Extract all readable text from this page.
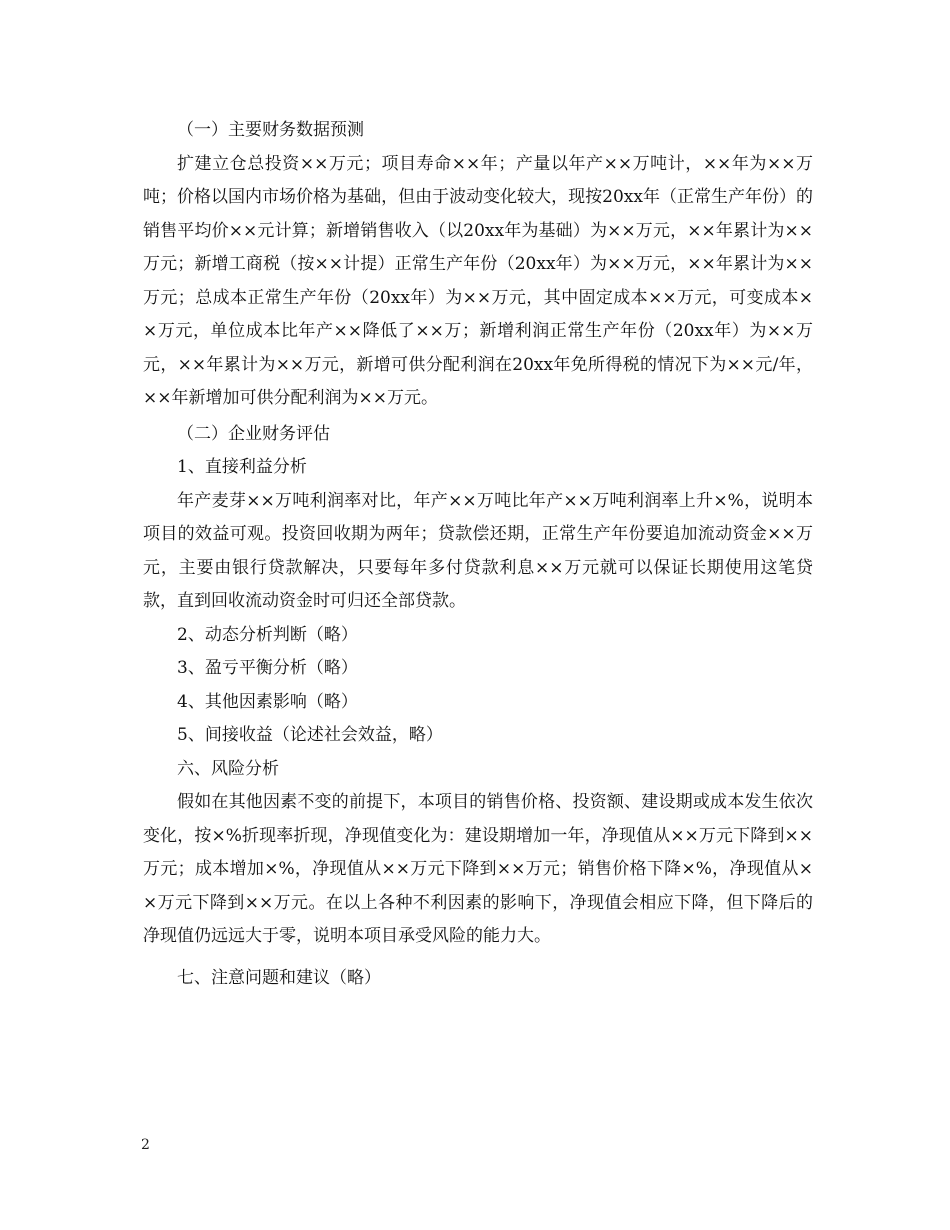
（一）主要财务数据预测

扩建立仓总投资××万元；项目寿命××年；产量以年产××万吨计，××年为××万吨；价格以国内市场价格为基础，但由于波动变化较大，现按20xx年（正常生产年份）的销售平均价××元计算；新增销售收入（以20xx年为基础）为××万元，××年累计为××万元；新增工商税（按××计提）正常生产年份（20xx年）为××万元，××年累计为××万元；总成本正常生产年份（20xx年）为××万元，其中固定成本××万元，可变成本××万元，单位成本比年产××降低了××万；新增利润正常生产年份（20xx年）为××万元，××年累计为××万元，新增可供分配利润在20xx年免所得税的情况下为××元/年，××年新增加可供分配利润为××万元。

（二）企业财务评估

1、直接利益分析

年产麦芽××万吨利润率对比，年产××万吨比年产××万吨利润率上升×%，说明本项目的效益可观。投资回收期为两年；贷款偿还期，正常生产年份要追加流动资金××万元，主要由银行贷款解决，只要每年多付贷款利息××万元就可以保证长期使用这笔贷款，直到回收流动资金时可归还全部贷款。

2、动态分析判断（略）

3、盈亏平衡分析（略）

4、其他因素影响（略）

5、间接收益（论述社会效益，略）

六、风险分析

假如在其他因素不变的前提下，本项目的销售价格、投资额、建设期或成本发生依次变化，按×%折现率折现，净现值变化为：建设期增加一年，净现值从××万元下降到××万元；成本增加×%，净现值从××万元下降到××万元；销售价格下降×%，净现值从××万元下降到××万元。在以上各种不利因素的影响下，净现值会相应下降，但下降后的净现值仍远远大于零，说明本项目承受风险的能力大。

七、注意问题和建议（略）

2
